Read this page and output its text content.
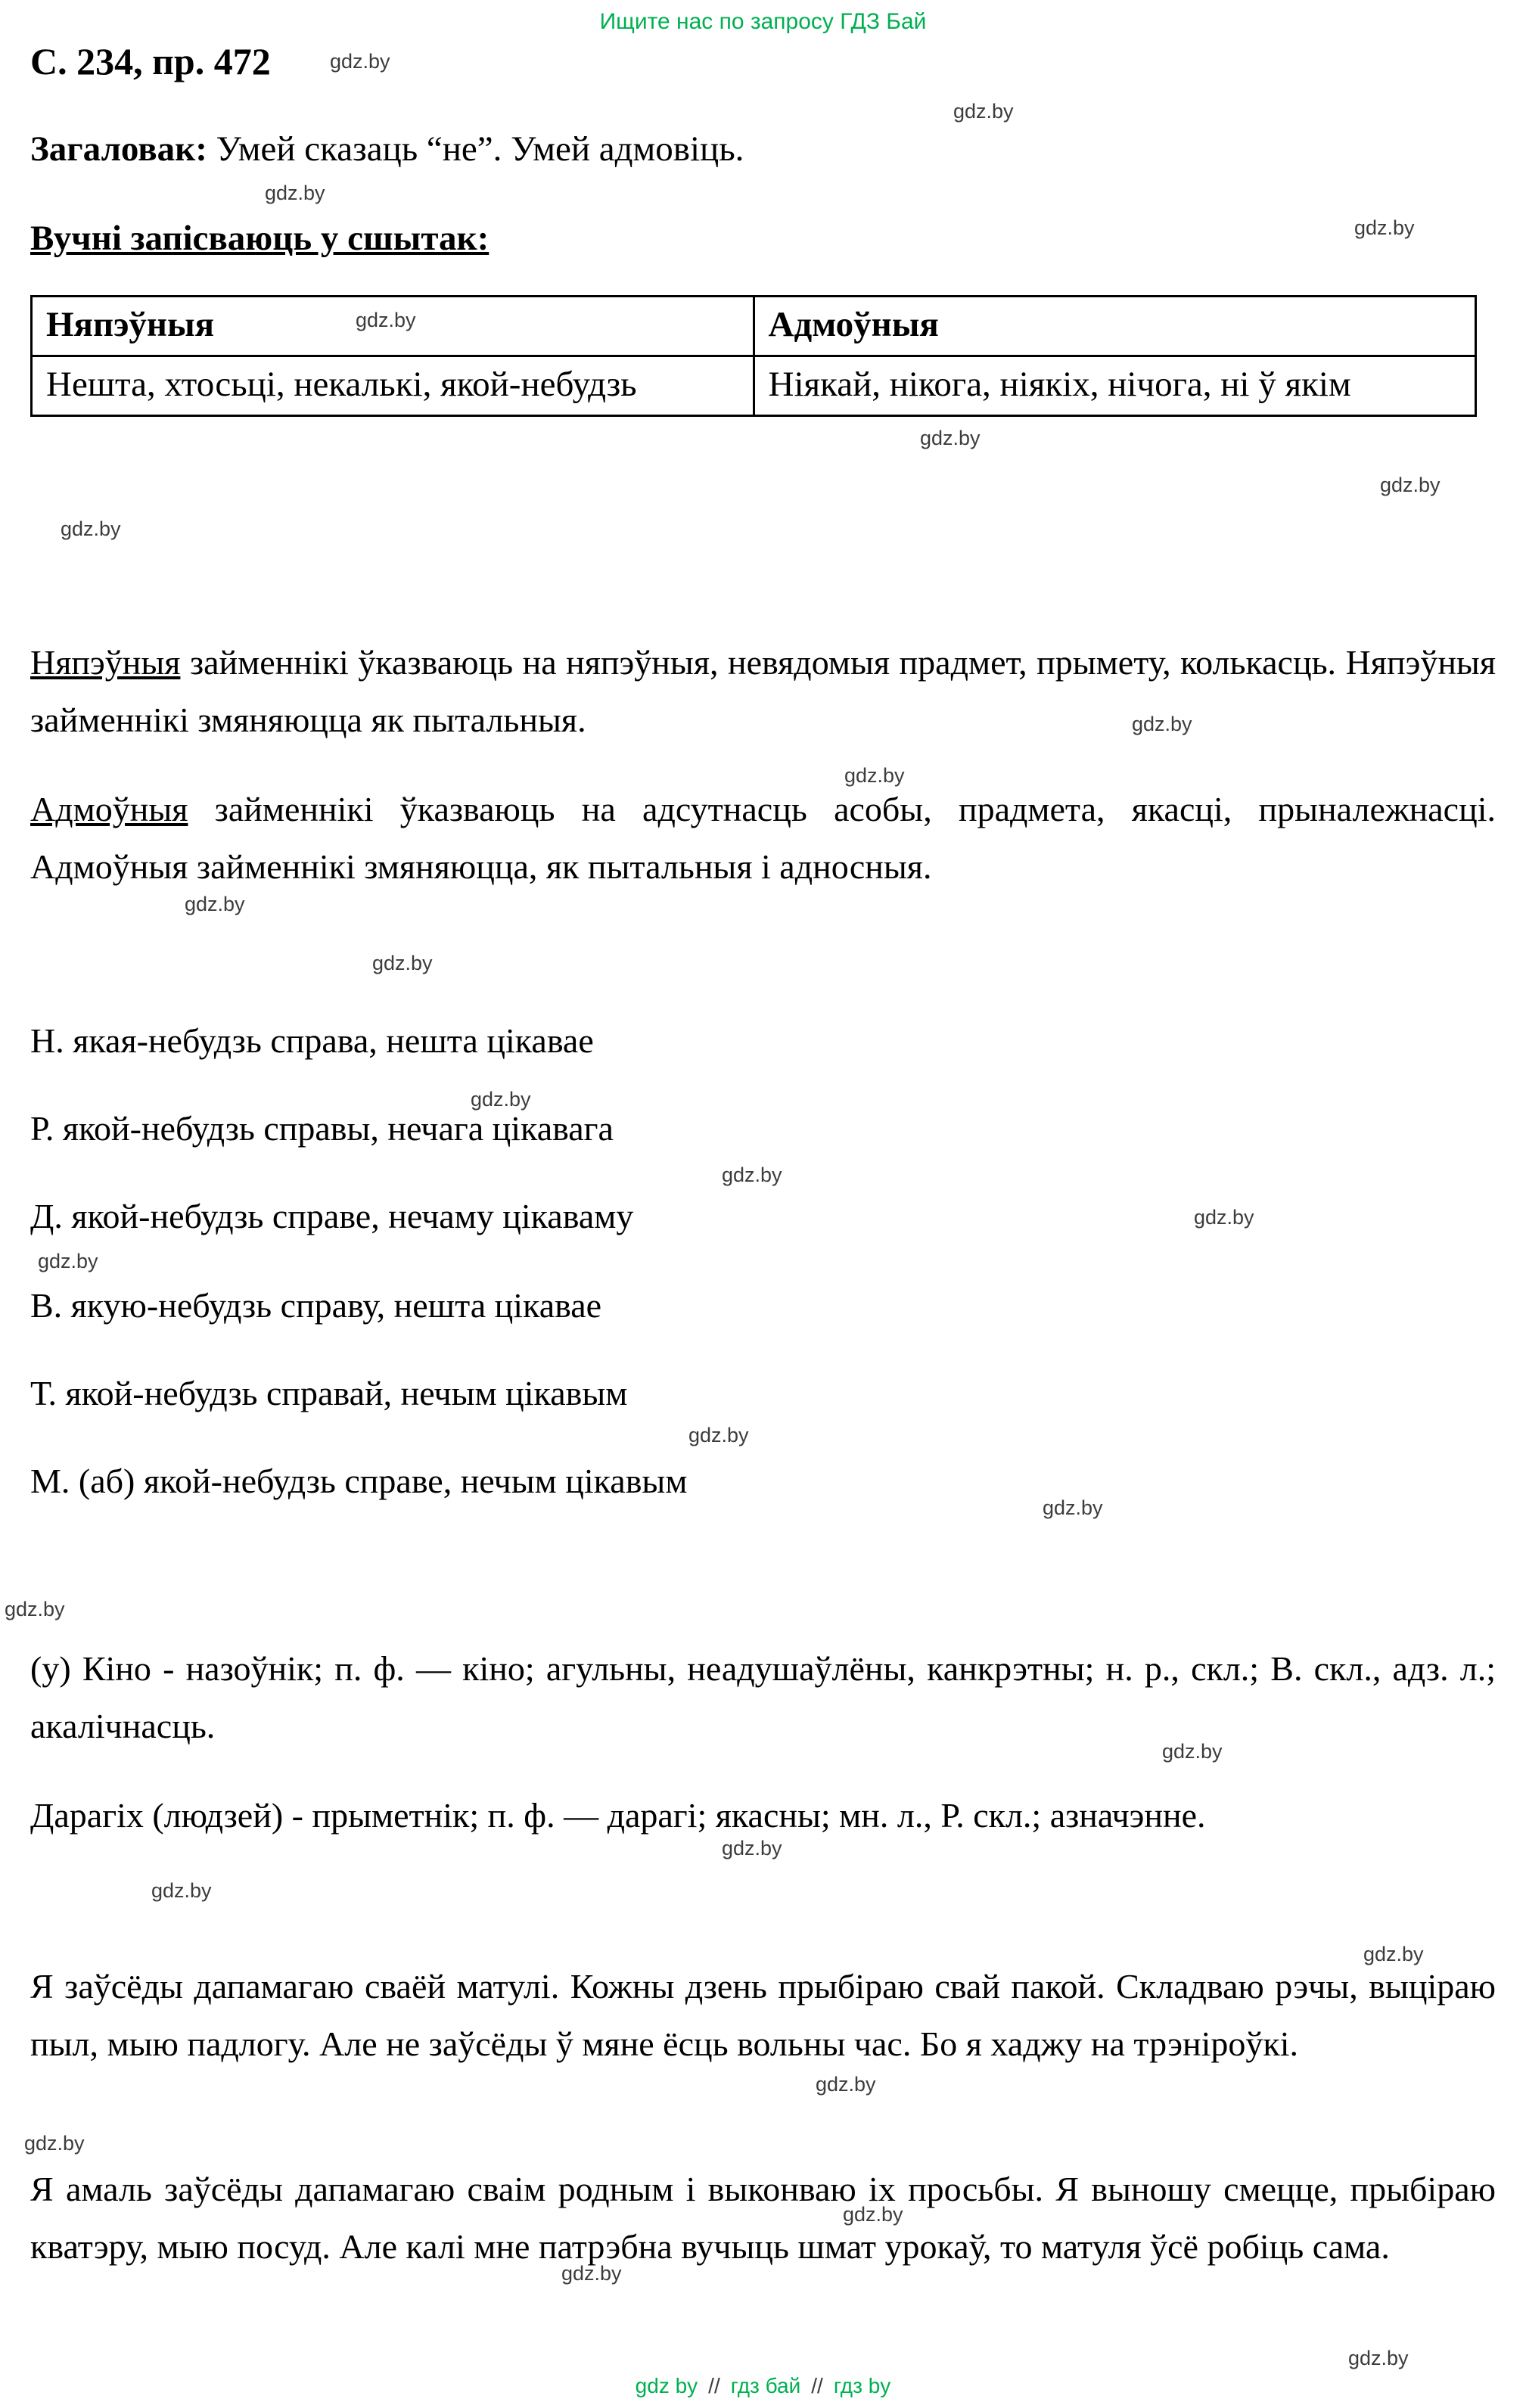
Ищите нас по запросу ГДЗ Бай
С. 234, пр. 472
Загаловак: Умей сказаць “не”. Умей адмовіць.
Вучні запісваюць у сшытак:
Няпэўныя	Адмоўныя
Нешта, хтосьці, некалькі, якой-небудзь	Ніякай, нікога, ніякіх, нічога, ні ў якім
Няпэўныя займеннікі ўказваюць на няпэўныя, невядомыя прадмет, прымету, колькасць. Няпэўныя займеннікі змяняюцца як пытальныя.
Адмоўныя займеннікі ўказваюць на адсутнасць асобы, прадмета, якасці, прыналежнасці. Адмоўныя займеннікі змяняюцца, як пытальныя і адносныя.
Н. якая-небудзь справа, нешта цікавае
Р. якой-небудзь справы, нечага цікавага
Д. якой-небудзь справе, нечаму цікаваму
В. якую-небудзь справу, нешта цікавае
Т. якой-небудзь справай, нечым цікавым
М. (аб) якой-небудзь справе, нечым цікавым
(у) Кіно - назоўнік; п. ф. — кіно; агульны, неадушаўлёны, канкрэтны; н. р., скл.; В. скл., адз. л.; акалічнасць.
Дарагіх (людзей) - прыметнік; п. ф. — дарагі; якасны; мн. л., Р. скл.; азначэнне.
Я заўсёды дапамагаю сваёй матулі. Кожны дзень прыбіраю свай пакой. Складваю рэчы, выціраю пыл, мыю падлогу. Але не заўсёды ў мяне ёсць вольны час. Бо я хаджу на трэніроўкі.
Я амаль заўсёды дапамагаю сваім родным і выконваю іх просьбы. Я выношу смецце, прыбіраю кватэру, мыю посуд. Але калі мне патрэбна вучыць шмат урокаў, то матуля ўсё робіць сама.
gdz by // гдз бай // гдз by
gdz.by
gdz.by
gdz.by
gdz.by
gdz.by
gdz.by
gdz.by
gdz.by
gdz.by
gdz.by
gdz.by
gdz.by
gdz.by
gdz.by
gdz.by
gdz.by
gdz.by
gdz.by
gdz.by
gdz.by
gdz.by
gdz.by
gdz.by
gdz.by
gdz.by
gdz.by
gdz.by
gdz.by
